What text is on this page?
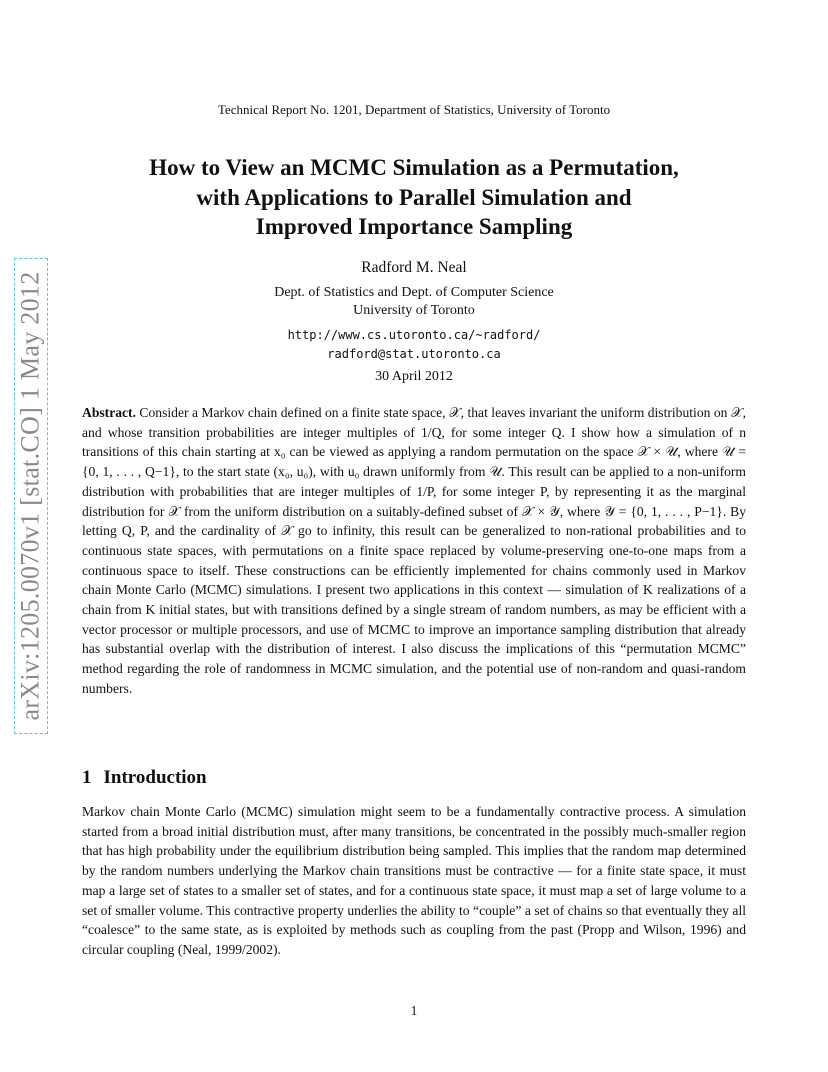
arXiv:1205.0070v1 [stat.CO] 1 May 2012
Technical Report No. 1201, Department of Statistics, University of Toronto
How to View an MCMC Simulation as a Permutation,
with Applications to Parallel Simulation and
Improved Importance Sampling
Radford M. Neal
Dept. of Statistics and Dept. of Computer Science
University of Toronto
http://www.cs.utoronto.ca/~radford/
radford@stat.utoronto.ca
30 April 2012

Abstract. Consider a Markov chain defined on a finite state space, 𝒳, that leaves invariant the uniform distribution on 𝒳, and whose transition probabilities are integer multiples of 1/Q, for some integer Q. I show how a simulation of n transitions of this chain starting at x₀ can be viewed as applying a random permutation on the space 𝒳 × 𝒰, where 𝒰 = {0, 1, . . . , Q−1}, to the start state (x₀, u₀), with u₀ drawn uniformly from 𝒰. This result can be applied to a non-uniform distribution with probabilities that are integer multiples of 1/P, for some integer P, by representing it as the marginal distribution for 𝒳 from the uniform distribution on a suitably-defined subset of 𝒳 × 𝒴, where 𝒴 = {0, 1, . . . , P−1}. By letting Q, P, and the cardinality of 𝒳 go to infinity, this result can be generalized to non-rational probabilities and to continuous state spaces, with permutations on a finite space replaced by volume-preserving one-to-one maps from a continuous space to itself. These constructions can be efficiently implemented for chains commonly used in Markov chain Monte Carlo (MCMC) simulations. I present two applications in this context — simulation of K realizations of a chain from K initial states, but with transitions defined by a single stream of random numbers, as may be efficient with a vector processor or multiple processors, and use of MCMC to improve an importance sampling distribution that already has substantial overlap with the distribution of interest. I also discuss the implications of this “permutation MCMC” method regarding the role of randomness in MCMC simulation, and the potential use of non-random and quasi-random numbers.

1 Introduction

Markov chain Monte Carlo (MCMC) simulation might seem to be a fundamentally contractive process. A simulation started from a broad initial distribution must, after many transitions, be concentrated in the possibly much-smaller region that has high probability under the equilibrium distribution being sampled. This implies that the random map determined by the random numbers underlying the Markov chain transitions must be contractive — for a finite state space, it must map a large set of states to a smaller set of states, and for a continuous state space, it must map a set of large volume to a set of smaller volume. This contractive property underlies the ability to “couple” a set of chains so that eventually they all “coalesce” to the same state, as is exploited by methods such as coupling from the past (Propp and Wilson, 1996) and circular coupling (Neal, 1999/2002).

1
